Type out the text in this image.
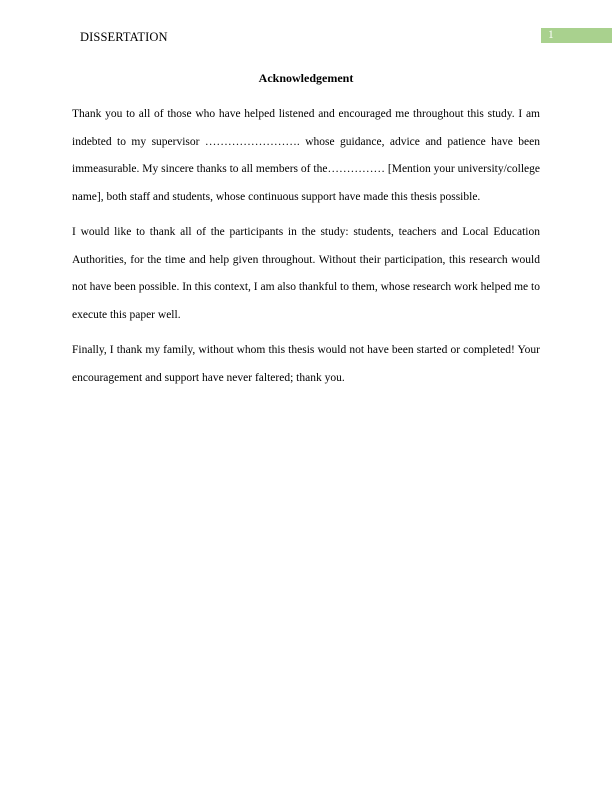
DISSERTATION	1
Acknowledgement

Thank you to all of those who have helped listened and encouraged me throughout this study. I am indebted to my supervisor ……………………. whose guidance, advice and patience have been immeasurable. My sincere thanks to all members of the…………… [Mention your university/college name], both staff and students, whose continuous support have made this thesis possible.

I would like to thank all of the participants in the study: students, teachers and Local Education Authorities, for the time and help given throughout. Without their participation, this research would not have been possible. In this context, I am also thankful to them, whose research work helped me to execute this paper well.

Finally, I thank my family, without whom this thesis would not have been started or completed! Your encouragement and support have never faltered; thank you.
